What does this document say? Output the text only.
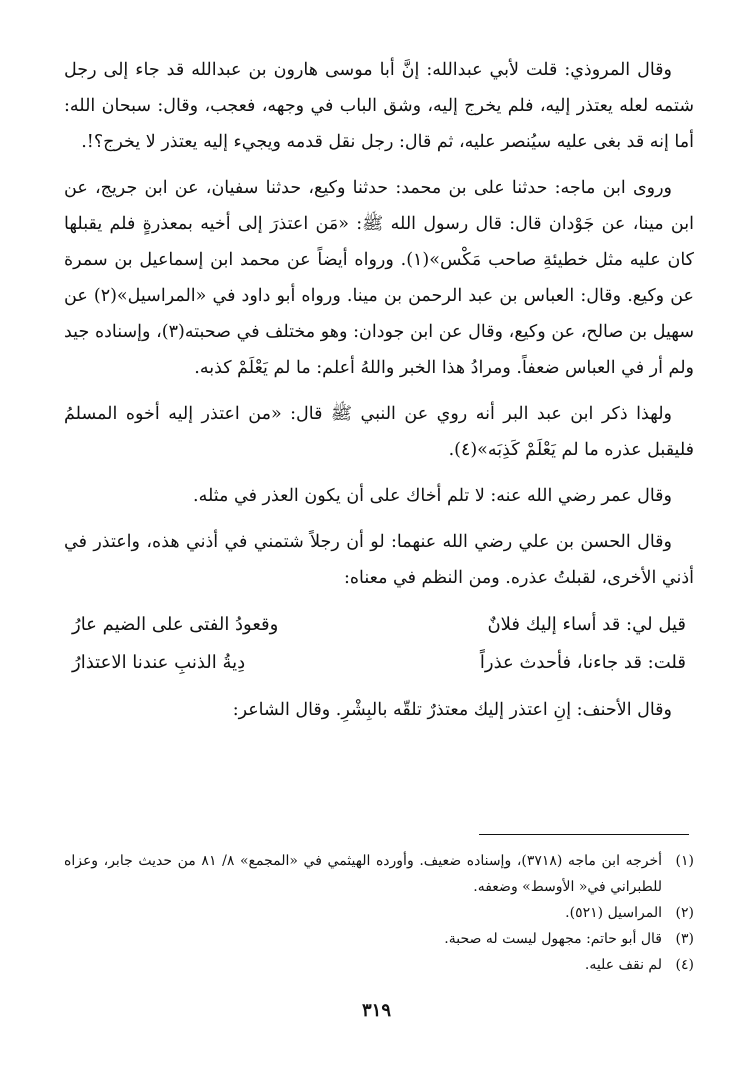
وقال المروذي: قلت لأبي عبدالله: إنَّ أبا موسى هارون بن عبدالله قد جاء إلى رجل شتمه لعله يعتذر إليه، فلم يخرج إليه، وشق الباب في وجهه، فعجب، وقال: سبحان الله: أما إنه قد بغى عليه سيُنصر عليه، ثم قال: رجل نقل قدمه ويجيء إليه يعتذر لا يخرج؟!.

وروى ابن ماجه: حدثنا على بن محمد: حدثنا وكيع، حدثنا سفيان، عن ابن جريج، عن ابن مينا، عن جَوْدان قال: قال رسول الله ﷺ: «مَن اعتذرَ إلى أخيه بمعذرةٍ فلم يقبلها كان عليه مثل خطيئةِ صاحب مَكْس»(١). ورواه أيضاً عن محمد ابن إسماعيل بن سمرة عن وكيع. وقال: العباس بن عبد الرحمن بن مينا. ورواه أبو داود في «المراسيل»(٢) عن سهيل بن صالح، عن وكيع، وقال عن ابن جودان: وهو مختلف في صحبته(٣)، وإسناده جيد ولم أر في العباس ضعفاً. ومرادُ هذا الخبر واللهُ أعلم: ما لم يَعْلَمْ كذبه.

ولهذا ذكر ابن عبد البر أنه روي عن النبي ﷺ قال: «من اعتذر إليه أخوه المسلمُ فليقبل عذره ما لم يَعْلَمْ كَذِبَه»(٤).

وقال عمر رضي الله عنه: لا تلم أخاك على أن يكون العذر في مثله.

وقال الحسن بن علي رضي الله عنهما: لو أن رجلاً شتمني في أذني هذه، واعتذر في أذني الأخرى، لقبلتُ عذره. ومن النظم في معناه:

قيل لي: قد أساء إليك فلانٌ
وقعودُ الفتى على الضيم عارُ
قلت: قد جاءنا، فأحدث عذراً
دِيةُ الذنبِ عندنا الاعتذارُ

وقال الأحنف: إنِ اعتذر إليك معتذرٌ تلقّه بالبِشْرِ. وقال الشاعر:

(١)
أخرجه ابن ماجه (٣٧١٨)، وإسناده ضعيف. وأورده الهيثمي في «المجمع» ٨/ ٨١ من حديث جابر، وعزاه للطبراني في« الأوسط» وضعفه.
(٢)
المراسيل (٥٢١).
(٣)
قال أبو حاتم: مجهول ليست له صحبة.
(٤)
لم نقف عليه.
٣١٩
